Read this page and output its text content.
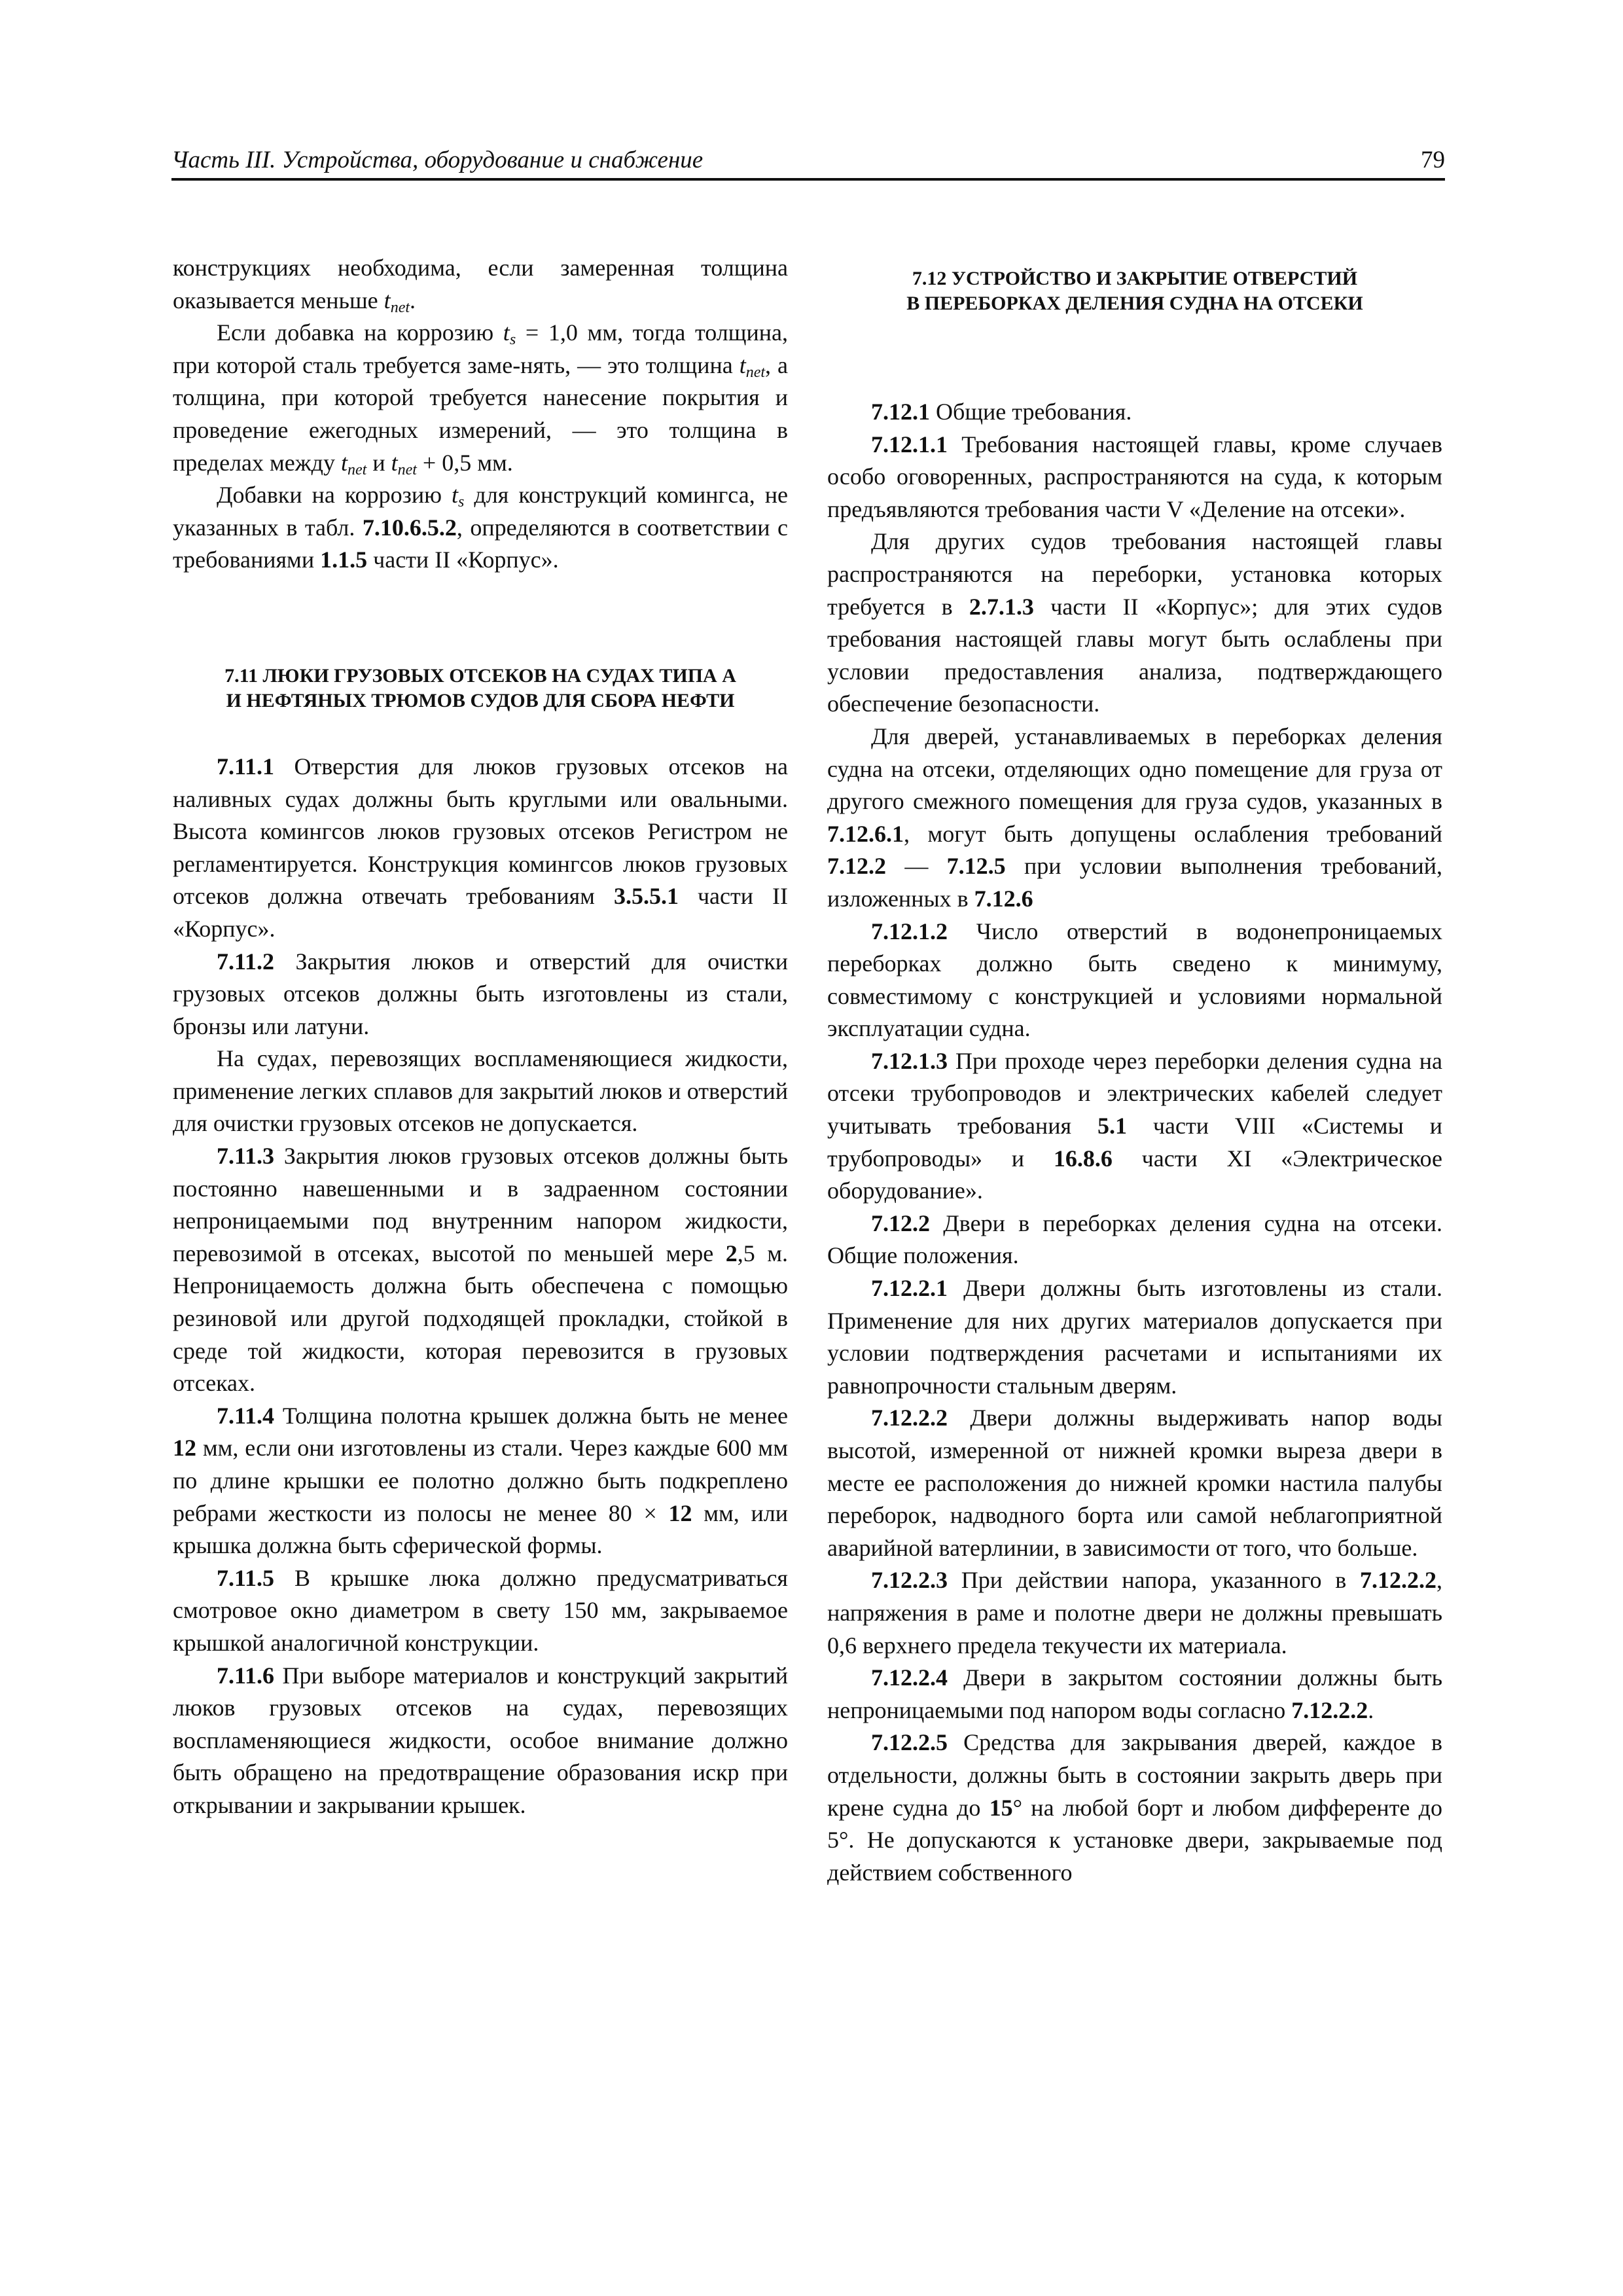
Часть III. Устройства, оборудование и снабжение	79

конструкциях необходима, если замеренная толщина оказывается меньше $t_{net}$.

Если добавка на коррозию $t_s = 1,0$ мм, тогда толщина, при которой сталь требуется заме-нять, — это толщина $t_{net}$, а толщина, при которой требуется нанесение покрытия и проведение ежегодных измерений, — это толщина в пределах между $t_{net}$ и $t_{net} + 0,5$ мм.

Добавки на коррозию $t_s$ для конструкций комингса, не указанных в табл. 7.10.6.5.2, определяются в соответствии с требованиями 1.1.5 части II «Корпус».

7.11 ЛЮКИ ГРУЗОВЫХ ОТСЕКОВ НА СУДАХ ТИПА А
И НЕФТЯНЫХ ТРЮМОВ СУДОВ ДЛЯ СБОРА НЕФТИ

7.11.1 Отверстия для люков грузовых отсеков на наливных судах должны быть круглыми или овальными. Высота комингсов люков грузовых отсеков Регистром не регламентируется. Конструкция комингсов люков грузовых отсеков должна отвечать требованиям 3.5.5.1 части II «Корпус».

7.11.2 Закрытия люков и отверстий для очистки грузовых отсеков должны быть изготовлены из стали, бронзы или латуни.

На судах, перевозящих воспламеняющиеся жидкости, применение легких сплавов для закрытий люков и отверстий для очистки грузовых отсеков не допускается.

7.11.3 Закрытия люков грузовых отсеков должны быть постоянно навешенными и в задраенном состоянии непроницаемыми под внутренним напором жидкости, перевозимой в отсеках, высотой по меньшей мере 2,5 м. Непроницаемость должна быть обеспечена с помощью резиновой или другой подходящей прокладки, стойкой в среде той жидкости, которая перевозится в грузовых отсеках.

7.11.4 Толщина полотна крышек должна быть не менее 12 мм, если они изготовлены из стали. Через каждые 600 мм по длине крышки ее полотно должно быть подкреплено ребрами жесткости из полосы не менее 80 × 12 мм, или крышка должна быть сферической формы.

7.11.5 В крышке люка должно предусматриваться смотровое окно диаметром в свету 150 мм, закрываемое крышкой аналогичной конструкции.

7.11.6 При выборе материалов и конструкций закрытий люков грузовых отсеков на судах, перевозящих воспламеняющиеся жидкости, особое внимание должно быть обращено на предотвращение образования искр при открывании и закрывании крышек.

7.12 УСТРОЙСТВО И ЗАКРЫТИЕ ОТВЕРСТИЙ
В ПЕРЕБОРКАХ ДЕЛЕНИЯ СУДНА НА ОТСЕКИ

7.12.1 Общие требования.

7.12.1.1 Требования настоящей главы, кроме случаев особо оговоренных, распространяются на суда, к которым предъявляются требования части V «Деление на отсеки».

Для других судов требования настоящей главы распространяются на переборки, установка которых требуется в 2.7.1.3 части II «Корпус»; для этих судов требования настоящей главы могут быть ослаблены при условии предоставления анализа, подтверждающего обеспечение безопасности.

Для дверей, устанавливаемых в переборках деления судна на отсеки, отделяющих одно помещение для груза от другого смежного помещения для груза судов, указанных в 7.12.6.1, могут быть допущены ослабления требований 7.12.2 — 7.12.5 при условии выполнения требований, изложенных в 7.12.6

7.12.1.2 Число отверстий в водонепроницаемых переборках должно быть сведено к минимуму, совместимому с конструкцией и условиями нормальной эксплуатации судна.

7.12.1.3 При проходе через переборки деления судна на отсеки трубопроводов и электрических кабелей следует учитывать требования 5.1 части VIII «Системы и трубопроводы» и 16.8.6 части XI «Электрическое оборудование».

7.12.2 Двери в переборках деления судна на отсеки. Общие положения.

7.12.2.1 Двери должны быть изготовлены из стали. Применение для них других материалов допускается при условии подтверждения расчетами и испытаниями их равнопрочности стальным дверям.

7.12.2.2 Двери должны выдерживать напор воды высотой, измеренной от нижней кромки выреза двери в месте ее расположения до нижней кромки настила палубы переборок, надводного борта или самой неблагоприятной аварийной ватерлинии, в зависимости от того, что больше.

7.12.2.3 При действии напора, указанного в 7.12.2.2, напряжения в раме и полотне двери не должны превышать 0,6 верхнего предела текучести их материала.

7.12.2.4 Двери в закрытом состоянии должны быть непроницаемыми под напором воды согласно 7.12.2.2.

7.12.2.5 Средства для закрывания дверей, каждое в отдельности, должны быть в состоянии закрыть дверь при крене судна до 15° на любой борт и любом дифференте до 5°. Не допускаются к установке двери, закрываемые под действием собственного
